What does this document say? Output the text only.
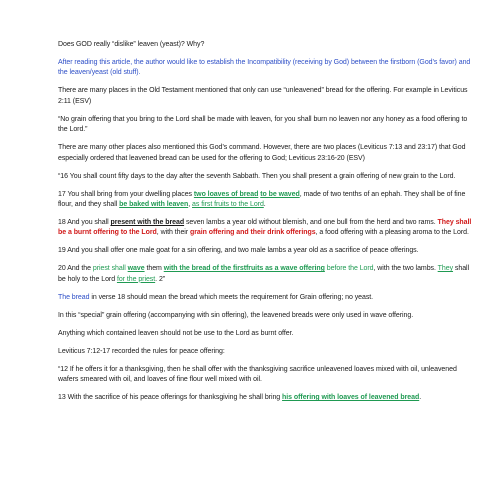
Does GOD really “dislike” leaven (yeast)? Why?

After reading this article, the author would like to establish the Incompatibility (receiving by God) between the firstborn (God’s favor) and the leaven/yeast (old stuff).

There are many places in the Old Testament mentioned that only can use “unleavened” bread for the offering. For example in Leviticus 2:11 (ESV)

“No grain offering that you bring to the Lord shall be made with leaven, for you shall burn no leaven nor any honey as a food offering to the Lord.”

There are many other places also mentioned this God’s command. However, there are two places (Leviticus 7:13 and 23:17) that God especially ordered that leavened bread can be used for the offering to God; Leviticus 23:16-20 (ESV)

“16 You shall count fifty days to the day after the seventh Sabbath. Then you shall present a grain offering of new grain to the Lord.

17 You shall bring from your dwelling places two loaves of bread to be waved, made of two tenths of an ephah. They shall be of fine flour, and they shall be baked with leaven, as first fruits to the Lord.

18 And you shall present with the bread seven lambs a year old without blemish, and one bull from the herd and two rams. They shall be a burnt offering to the Lord, with their grain offering and their drink offerings, a food offering with a pleasing aroma to the Lord.

19 And you shall offer one male goat for a sin offering, and two male lambs a year old as a sacrifice of peace offerings.

20 And the priest shall wave them with the bread of the firstfruits as a wave offering before the Lord, with the two lambs. They shall be holy to the Lord for the priest. 2”

The bread in verse 18 should mean the bread which meets the requirement for Grain offering; no yeast.

In this “special” grain offering (accompanying with sin offering), the leavened breads were only used in wave offering.

Anything which contained leaven should not be use to the Lord as burnt offer.

Leviticus 7:12-17 recorded the rules for peace offering:

“12 If he offers it for a thanksgiving, then he shall offer with the thanksgiving sacrifice unleavened loaves mixed with oil, unleavened wafers smeared with oil, and loaves of fine flour well mixed with oil.

13 With the sacrifice of his peace offerings for thanksgiving he shall bring his offering with loaves of leavened bread.
